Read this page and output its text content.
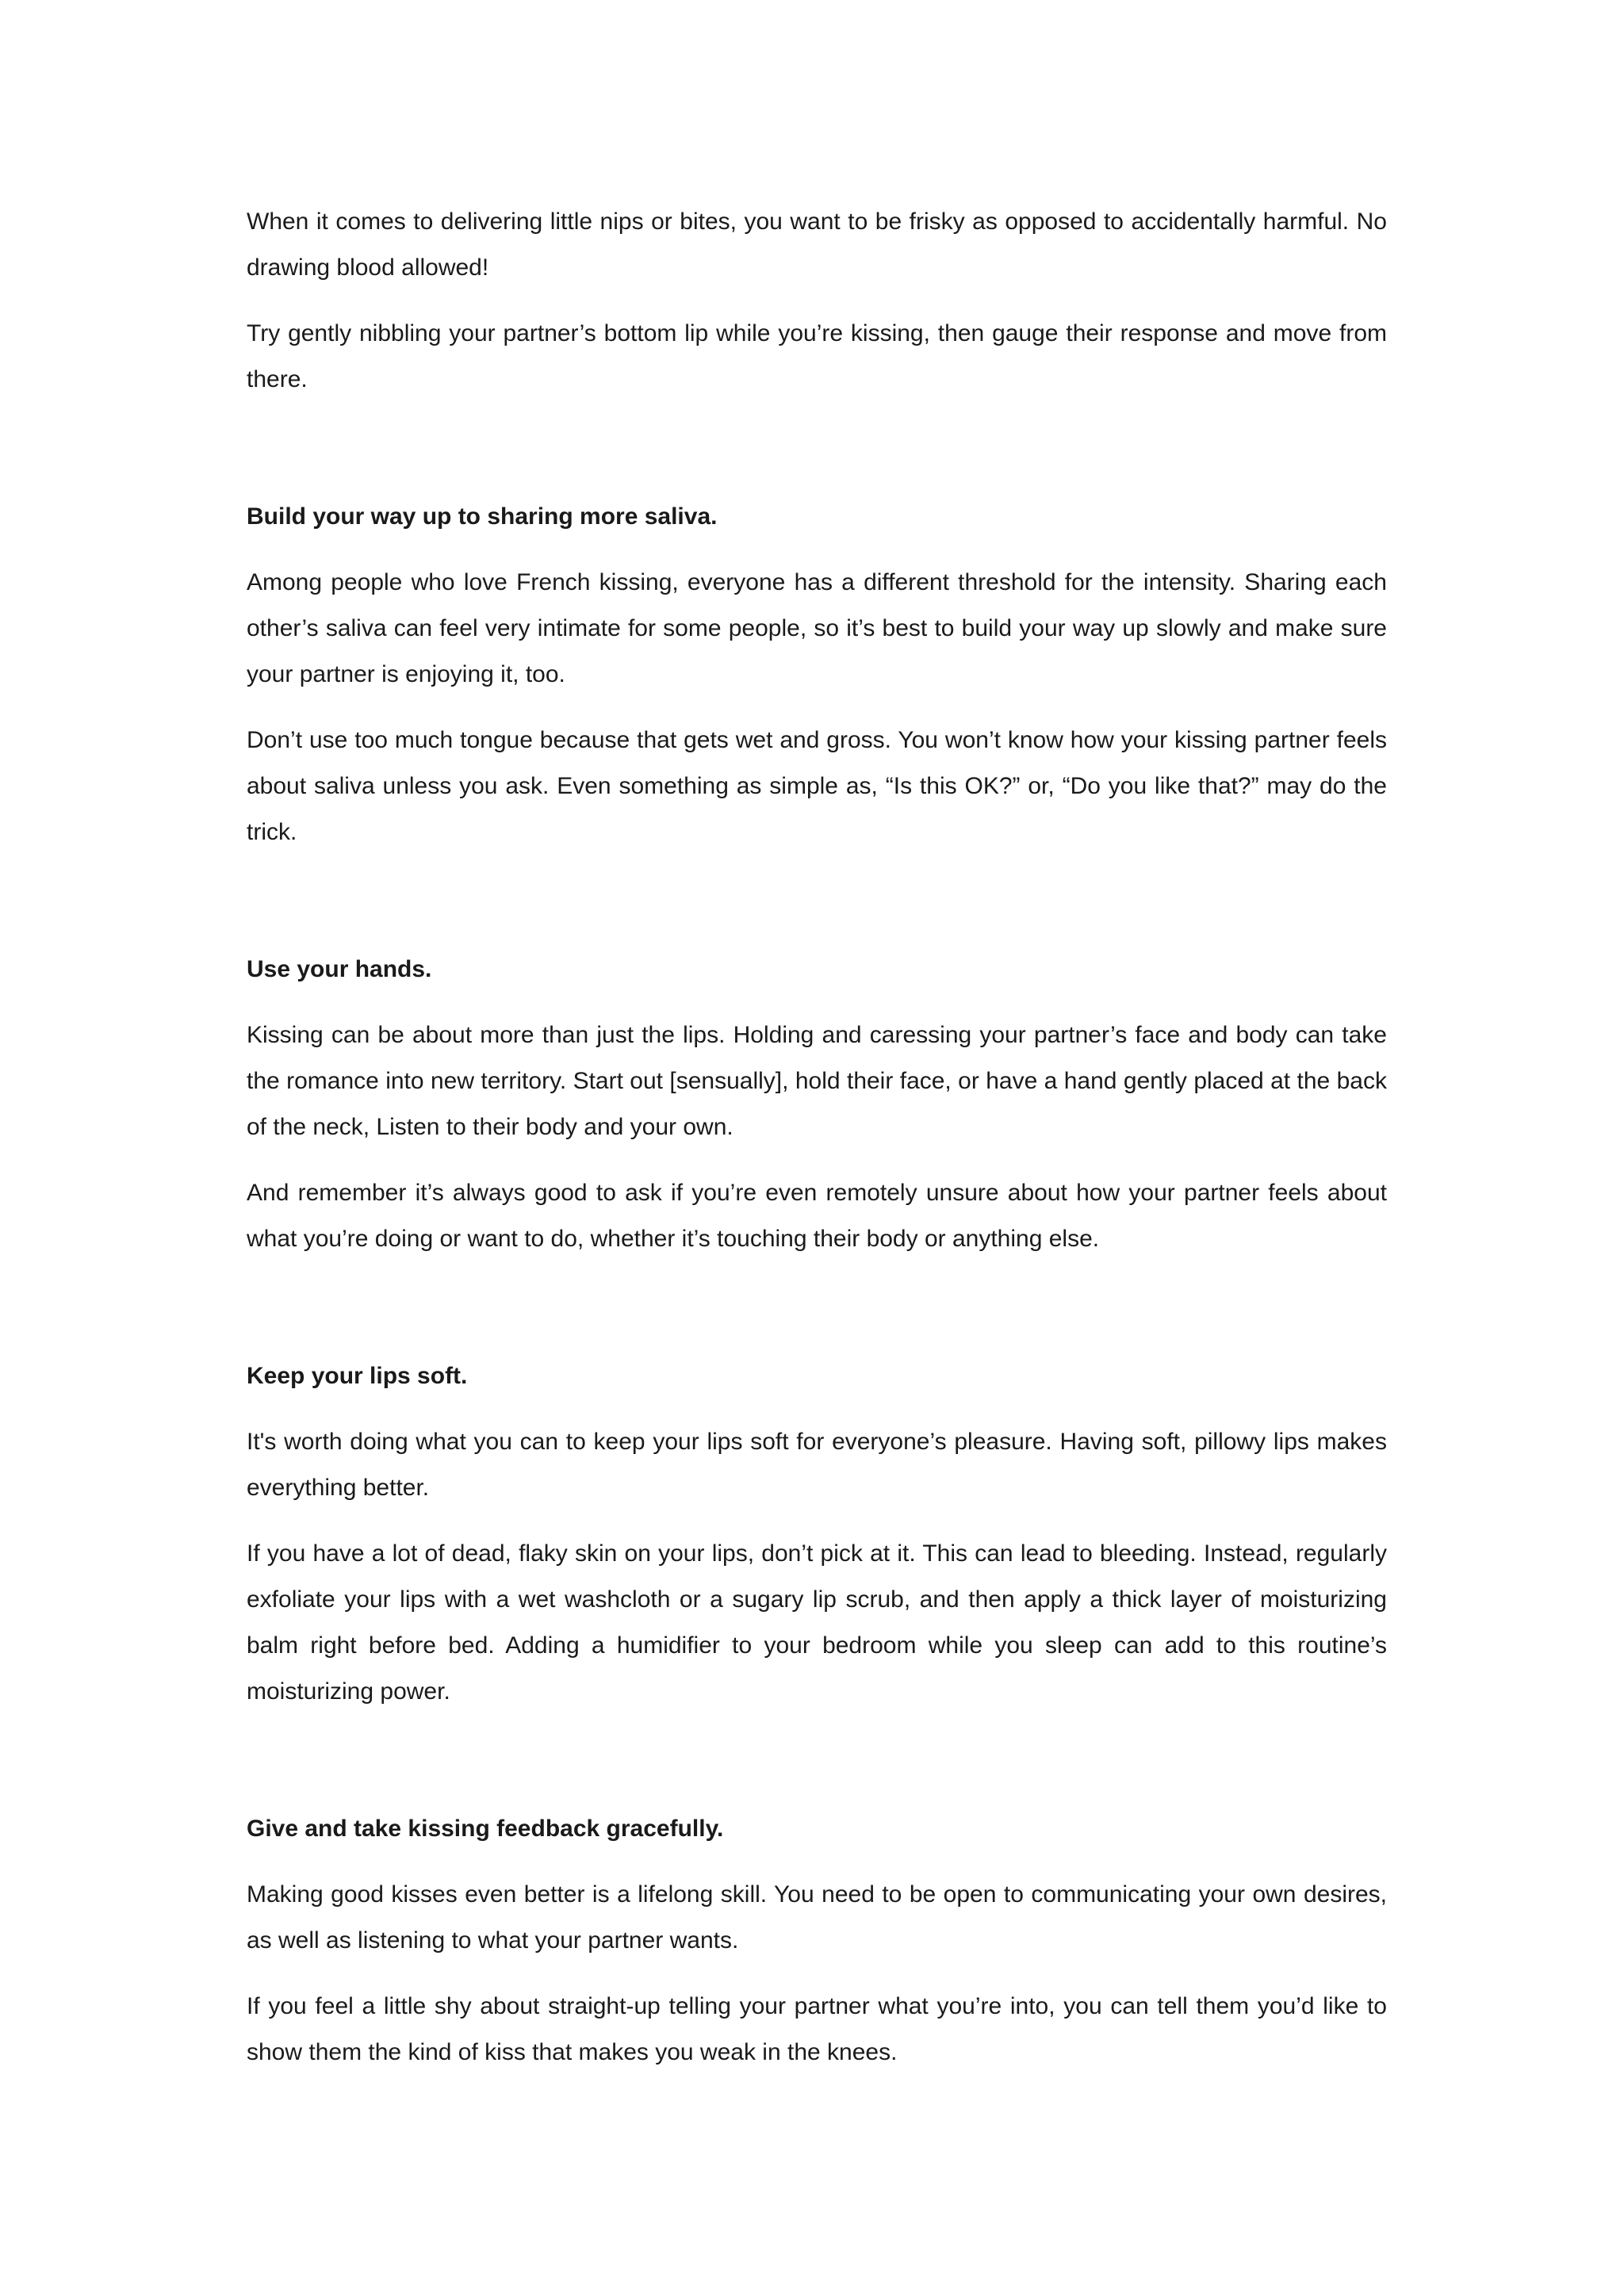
When it comes to delivering little nips or bites, you want to be frisky as opposed to accidentally harmful. No drawing blood allowed!

Try gently nibbling your partner’s bottom lip while you’re kissing, then gauge their response and move from there.

Build your way up to sharing more saliva.

Among people who love French kissing, everyone has a different threshold for the intensity. Sharing each other’s saliva can feel very intimate for some people, so it’s best to build your way up slowly and make sure your partner is enjoying it, too.

Don’t use too much tongue because that gets wet and gross. You won’t know how your kissing partner feels about saliva unless you ask. Even something as simple as, “Is this OK?” or, “Do you like that?” may do the trick.

Use your hands.

Kissing can be about more than just the lips. Holding and caressing your partner’s face and body can take the romance into new territory. Start out [sensually], hold their face, or have a hand gently placed at the back of the neck, Listen to their body and your own.

And remember it’s always good to ask if you’re even remotely unsure about how your partner feels about what you’re doing or want to do, whether it’s touching their body or anything else.

Keep your lips soft.

It's worth doing what you can to keep your lips soft for everyone’s pleasure. Having soft, pillowy lips makes everything better.

If you have a lot of dead, flaky skin on your lips, don’t pick at it. This can lead to bleeding. Instead, regularly exfoliate your lips with a wet washcloth or a sugary lip scrub, and then apply a thick layer of moisturizing balm right before bed. Adding a humidifier to your bedroom while you sleep can add to this routine’s moisturizing power.

Give and take kissing feedback gracefully.

Making good kisses even better is a lifelong skill. You need to be open to communicating your own desires, as well as listening to what your partner wants.

If you feel a little shy about straight-up telling your partner what you’re into, you can tell them you’d like to show them the kind of kiss that makes you weak in the knees.
